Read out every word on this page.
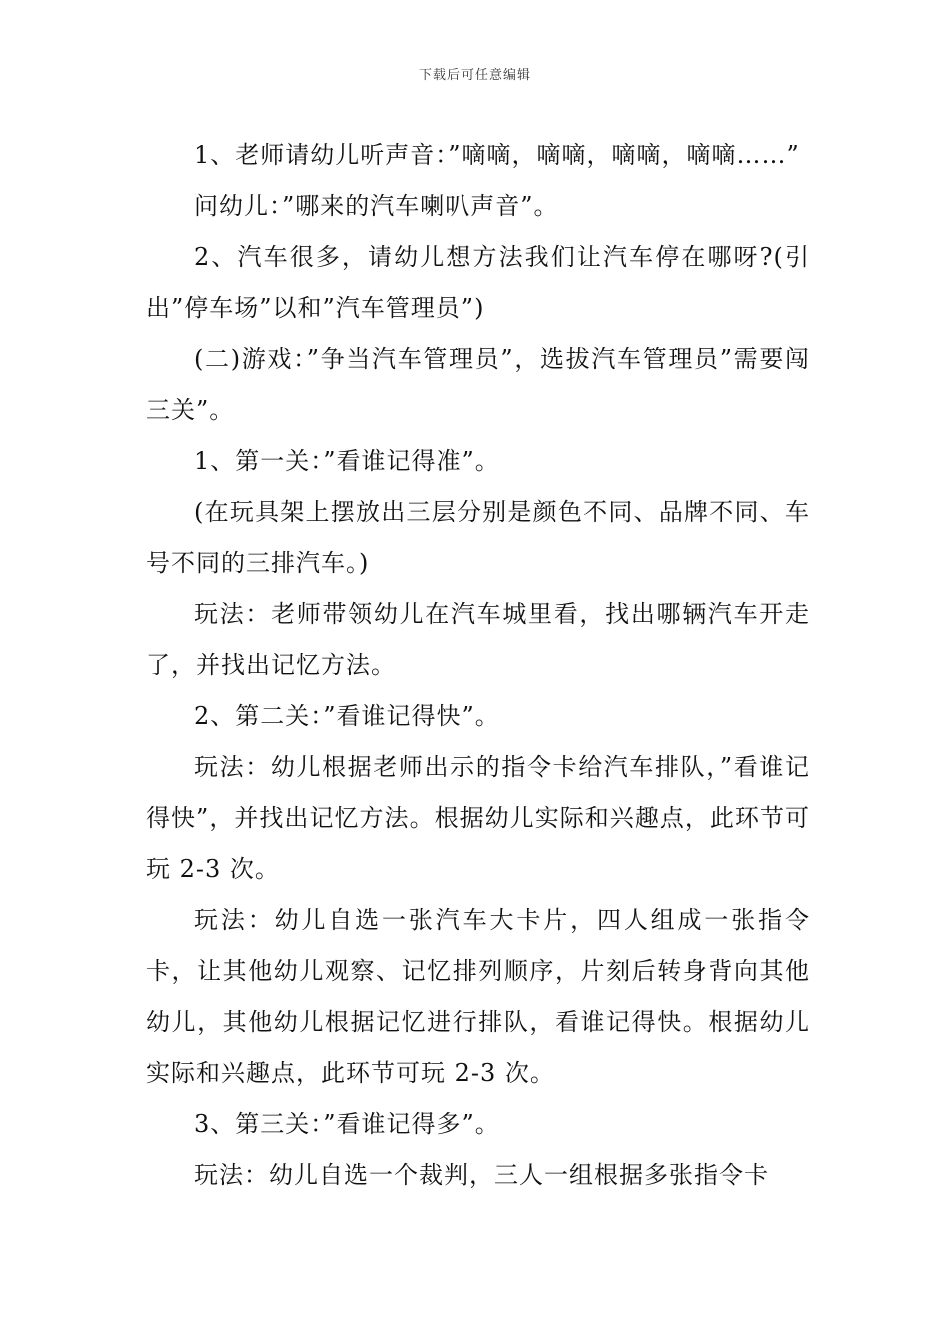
下载后可任意编辑

1、老师请幼儿听声音：”嘀嘀，嘀嘀，嘀嘀，嘀嘀……”

问幼儿：”哪来的汽车喇叭声音”。

2、汽车很多，请幼儿想方法我们让汽车停在哪呀?(引出”停车场”以和”汽车管理员”)

(二)游戏：”争当汽车管理员”，选拔汽车管理员”需要闯三关”。

1、第一关：”看谁记得准”。

(在玩具架上摆放出三层分别是颜色不同、品牌不同、车号不同的三排汽车。)

玩法：老师带领幼儿在汽车城里看，找出哪辆汽车开走了，并找出记忆方法。

2、第二关：”看谁记得快”。

玩法：幼儿根据老师出示的指令卡给汽车排队，”看谁记得快”，并找出记忆方法。根据幼儿实际和兴趣点，此环节可玩 2-3 次。

玩法：幼儿自选一张汽车大卡片，四人组成一张指令卡，让其他幼儿观察、记忆排列顺序，片刻后转身背向其他幼儿，其他幼儿根据记忆进行排队，看谁记得快。根据幼儿实际和兴趣点，此环节可玩 2-3 次。

3、第三关：”看谁记得多”。

玩法：幼儿自选一个裁判，三人一组根据多张指令卡
